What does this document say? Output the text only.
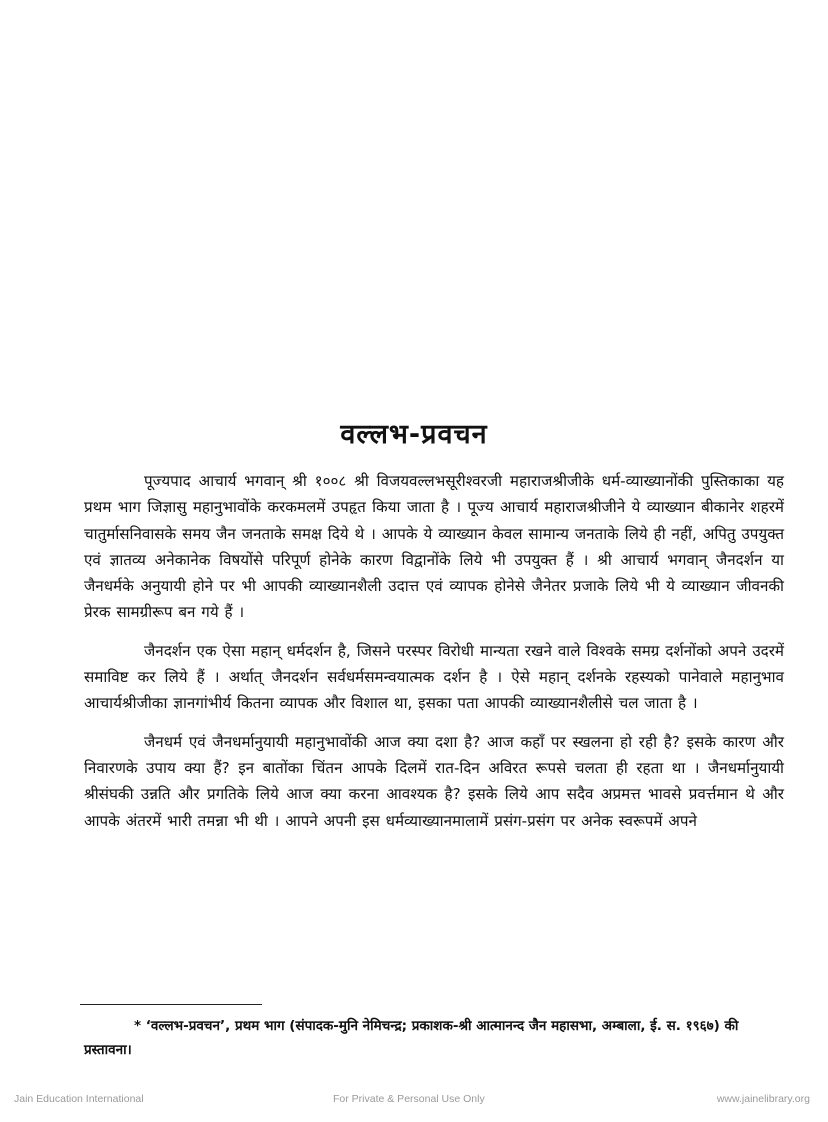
वल्लभ-प्रवचन

पूज्यपाद आचार्य भगवान् श्री १००८ श्री विजयवल्लभसूरीश्वरजी महाराजश्रीजीके धर्म-व्याख्यानोंकी पुस्तिकाका यह प्रथम भाग जिज्ञासु महानुभावोंके करकमलमें उपहृत किया जाता है । पूज्य आचार्य महाराजश्रीजीने ये व्याख्यान बीकानेर शहरमें चातुर्मासनिवासके समय जैन जनताके समक्ष दिये थे । आपके ये व्याख्यान केवल सामान्य जनताके लिये ही नहीं, अपितु उपयुक्त एवं ज्ञातव्य अनेकानेक विषयोंसे परिपूर्ण होनेके कारण विद्वानोंके लिये भी उपयुक्त हैं । श्री आचार्य भगवान् जैनदर्शन या जैनधर्मके अनुयायी होने पर भी आपकी व्याख्यानशैली उदात्त एवं व्यापक होनेसे जैनेतर प्रजाके लिये भी ये व्याख्यान जीवनकी प्रेरक सामग्रीरूप बन गये हैं ।

जैनदर्शन एक ऐसा महान् धर्मदर्शन है, जिसने परस्पर विरोधी मान्यता रखने वाले विश्वके समग्र दर्शनोंको अपने उदरमें समाविष्ट कर लिये हैं । अर्थात् जैनदर्शन सर्वधर्मसमन्वयात्मक दर्शन है । ऐसे महान् दर्शनके रहस्यको पानेवाले महानुभाव आचार्यश्रीजीका ज्ञानगांभीर्य कितना व्यापक और विशाल था, इसका पता आपकी व्याख्यानशैलीसे चल जाता है ।

जैनधर्म एवं जैनधर्मानुयायी महानुभावोंकी आज क्या दशा है? आज कहाँ पर स्खलना हो रही है? इसके कारण और निवारणके उपाय क्या हैं? इन बातोंका चिंतन आपके दिलमें रात-दिन अविरत रूपसे चलता ही रहता था । जैनधर्मानुयायी श्रीसंघकी उन्नति और प्रगतिके लिये आज क्या करना आवश्यक है? इसके लिये आप सदैव अप्रमत्त भावसे प्रवर्त्तमान थे और आपके अंतरमें भारी तमन्ना भी थी । आपने अपनी इस धर्मव्याख्यानमालामें प्रसंग-प्रसंग पर अनेक स्वरूपमें अपने

* ‘वल्लभ-प्रवचन’, प्रथम भाग (संपादक-मुनि नेमिचन्द्र; प्रकाशक-श्री आत्मानन्द जैन महासभा, अम्बाला, ई. स. १९६७) की प्रस्तावना।
Jain Education International	For Private & Personal Use Only	www.jainelibrary.org
